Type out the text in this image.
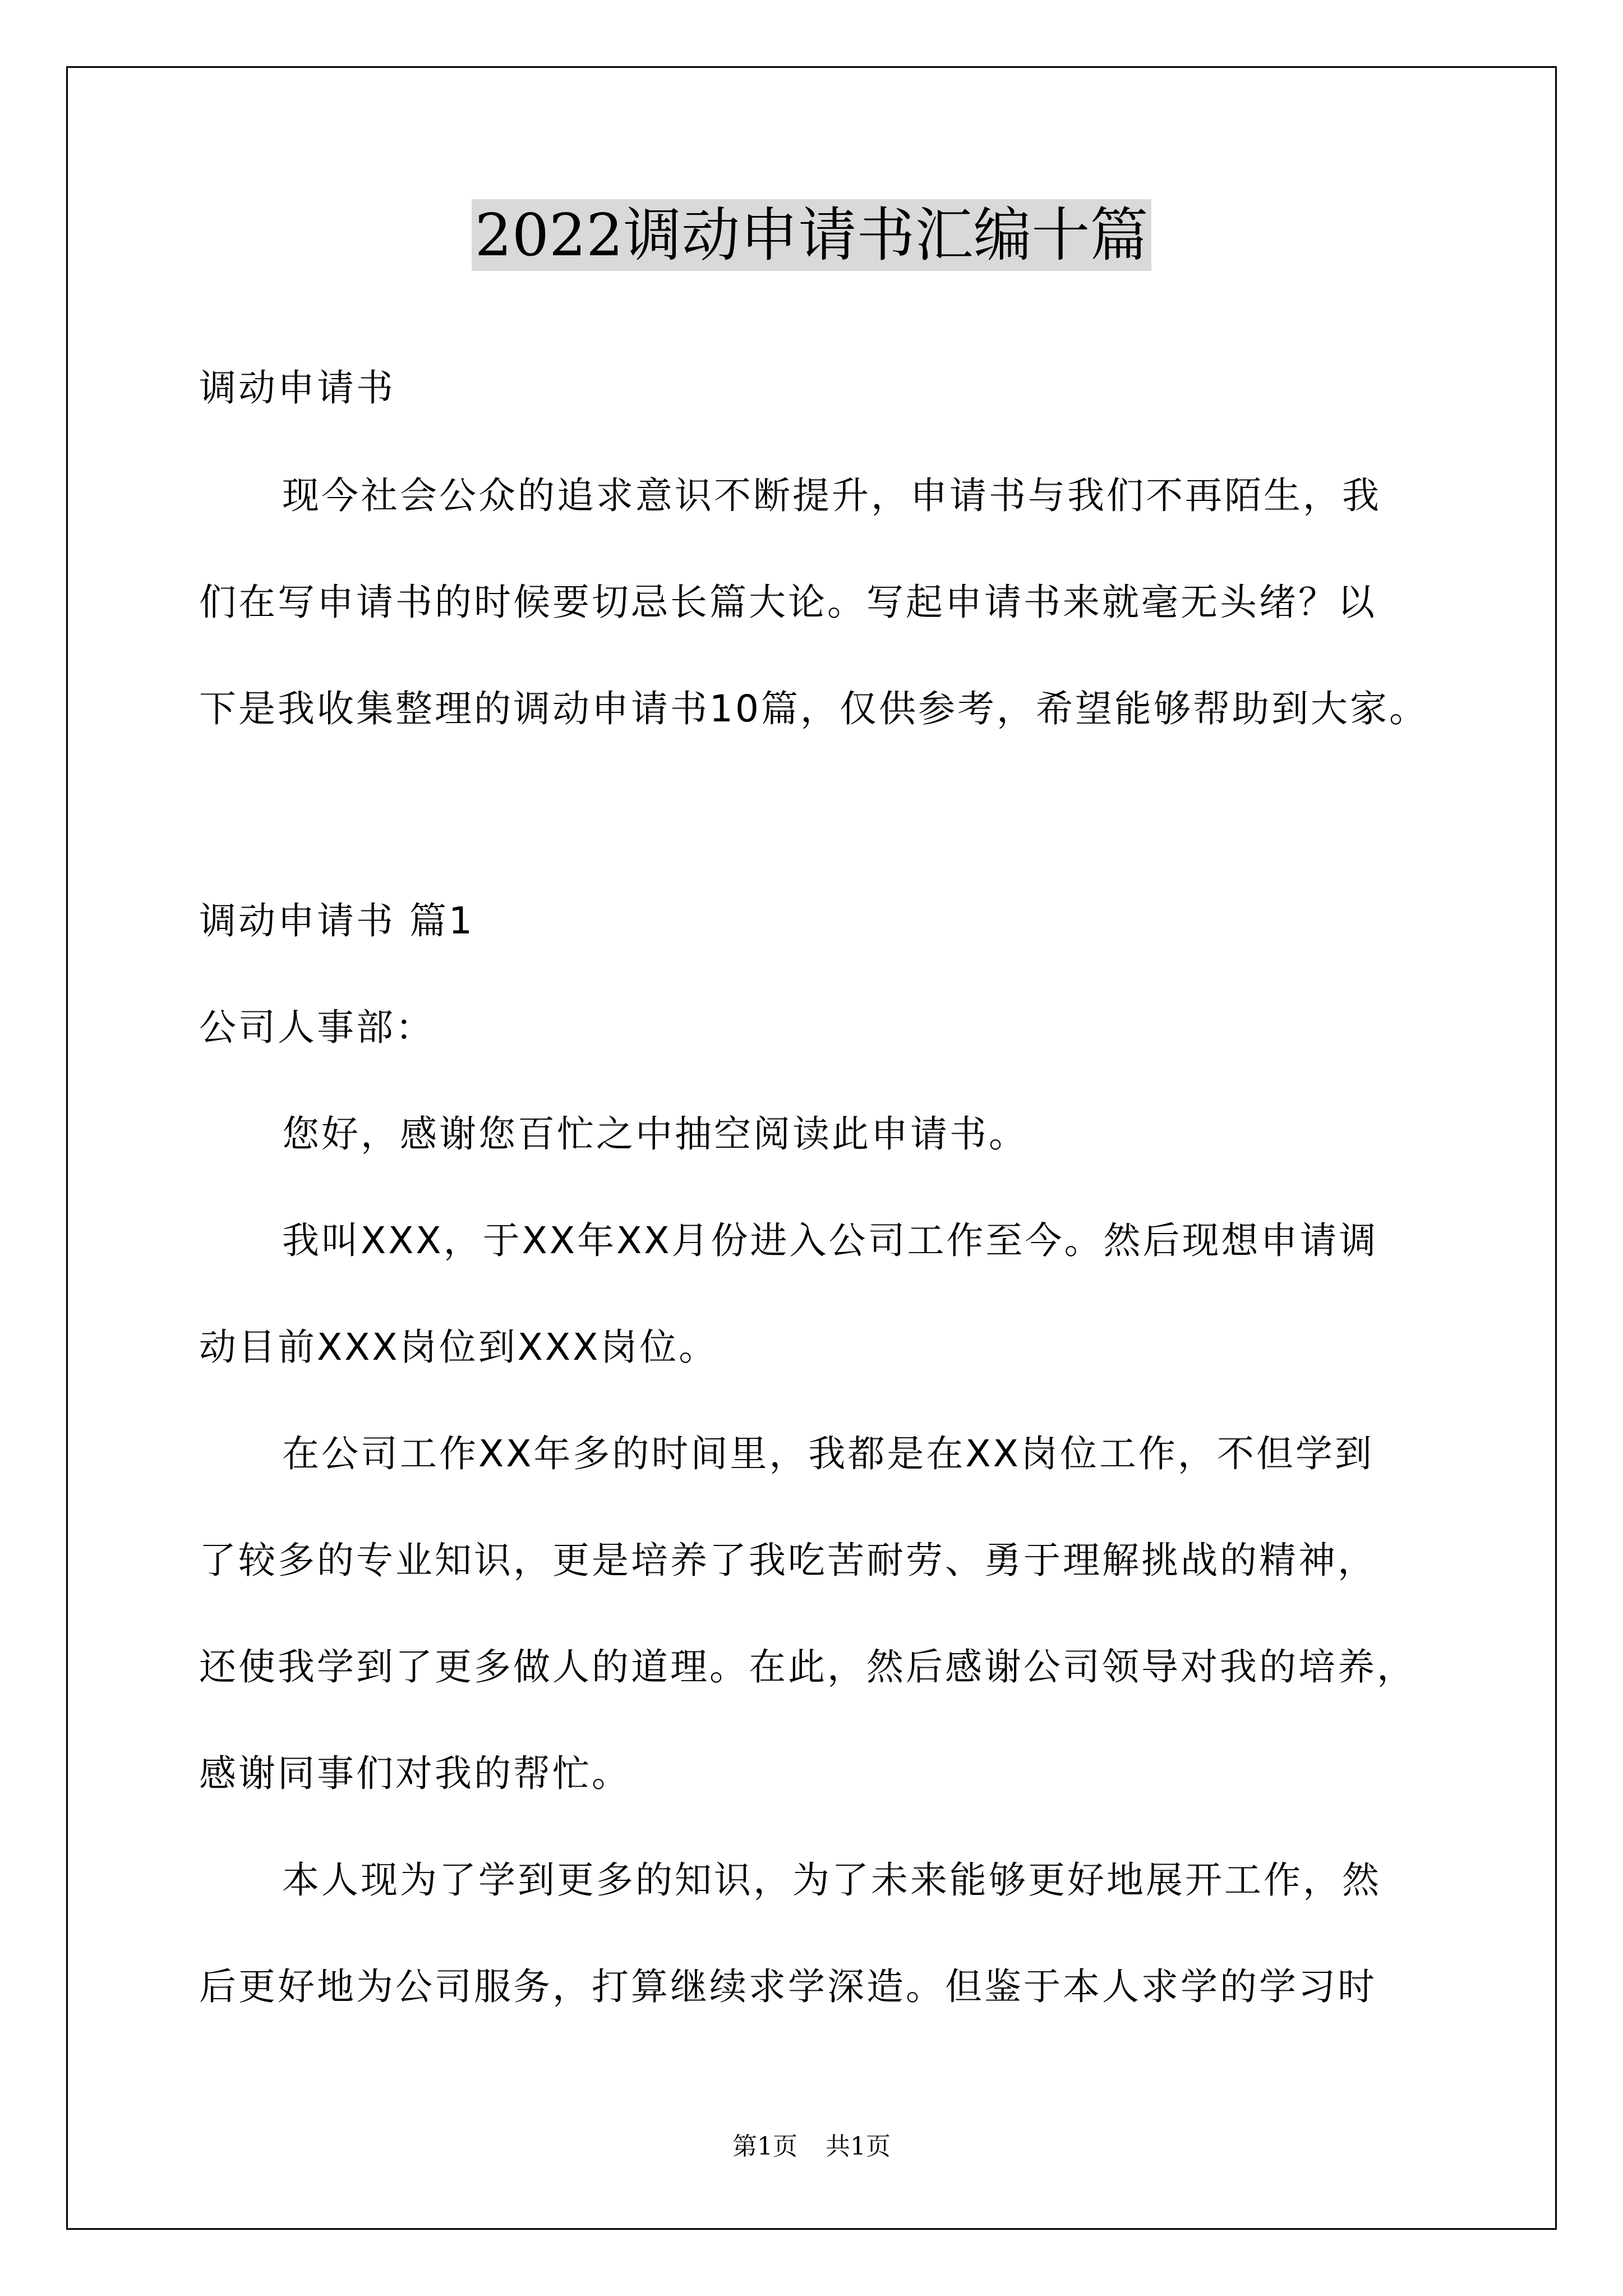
2022调动申请书汇编十篇
调动申请书
现今社会公众的追求意识不断提升，申请书与我们不再陌生，我
们在写申请书的时候要切忌长篇大论。写起申请书来就毫无头绪？以
下是我收集整理的调动申请书10篇，仅供参考，希望能够帮助到大家。
调动申请书 篇1
公司人事部：
您好，感谢您百忙之中抽空阅读此申请书。
我叫XXX，于XX年XX月份进入公司工作至今。然后现想申请调
动目前XXX岗位到XXX岗位。
在公司工作XX年多的时间里，我都是在XX岗位工作，不但学到
了较多的专业知识，更是培养了我吃苦耐劳、勇于理解挑战的精神，
还使我学到了更多做人的道理。在此，然后感谢公司领导对我的培养，
感谢同事们对我的帮忙。
本人现为了学到更多的知识，为了未来能够更好地展开工作，然
后更好地为公司服务，打算继续求学深造。但鉴于本人求学的学习时
第1页 共1页
